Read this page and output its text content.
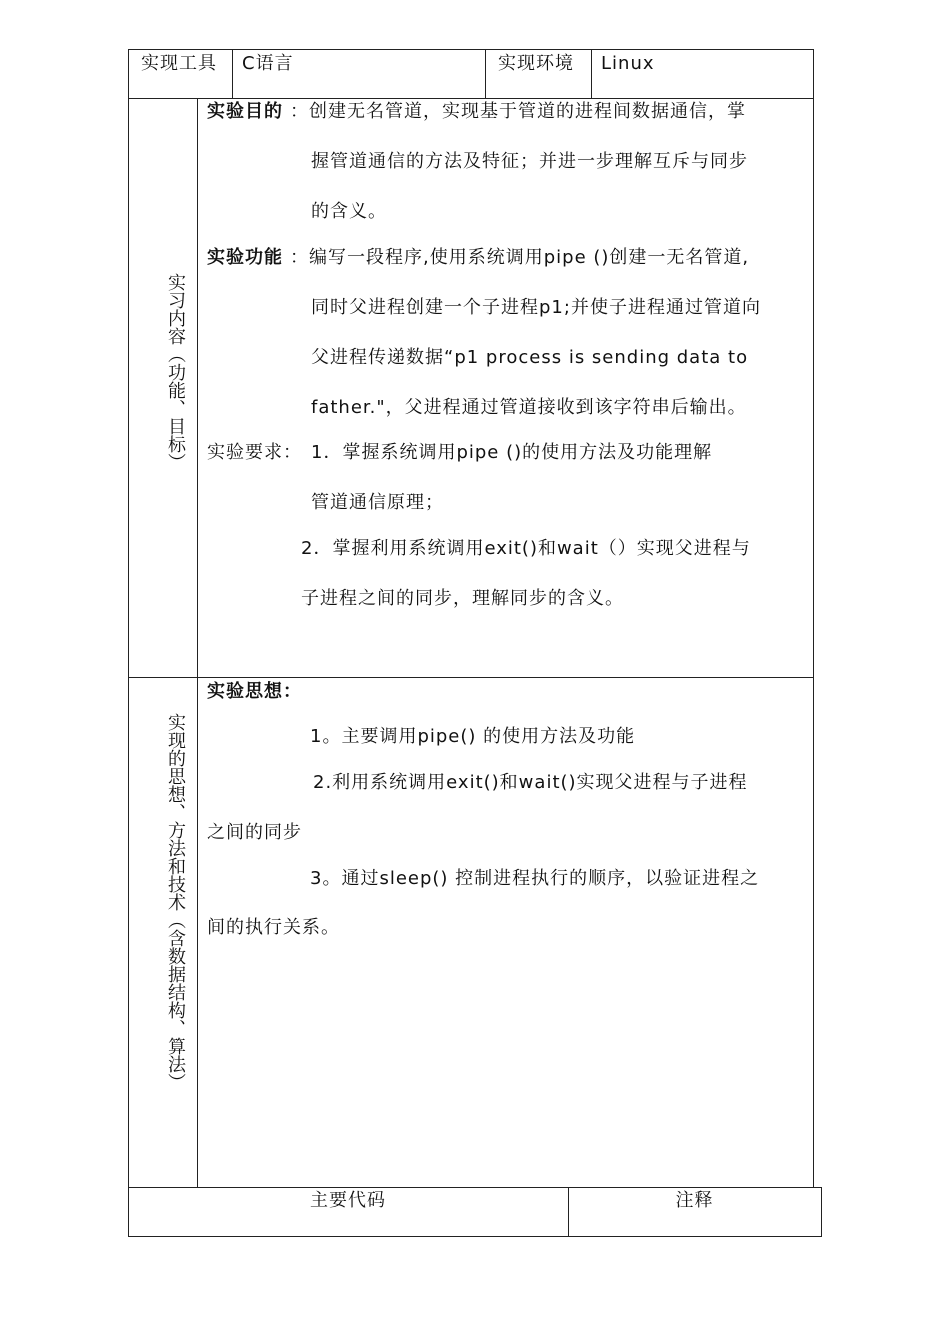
实现工具 C语言	实现环境 Linux
实习内容（功能、目标）
实验目的 ：创建无名管道，实现基于管道的进程间数据通信，掌
握管道通信的方法及特征；并进一步理解互斥与同步
的含义。
实验功能 ：编写一段程序,使用系统调用pipe ()创建一无名管道,
同时父进程创建一个子进程p1;并使子进程通过管道向
父进程传递数据“p1 process is sending data to
father."，父进程通过管道接收到该字符串后输出。
实验要求： 1．掌握系统调用pipe ()的使用方法及功能理解
管道通信原理；
2．掌握利用系统调用exit()和wait（）实现父进程与
子进程之间的同步，理解同步的含义。
实现的思想、方法和技术（含数据结构、算法）
实验思想：
1。主要调用pipe() 的使用方法及功能
2.利用系统调用exit()和wait()实现父进程与子进程
之间的同步
3。通过sleep() 控制进程执行的顺序，以验证进程之
间的执行关系。
主要代码	注释
